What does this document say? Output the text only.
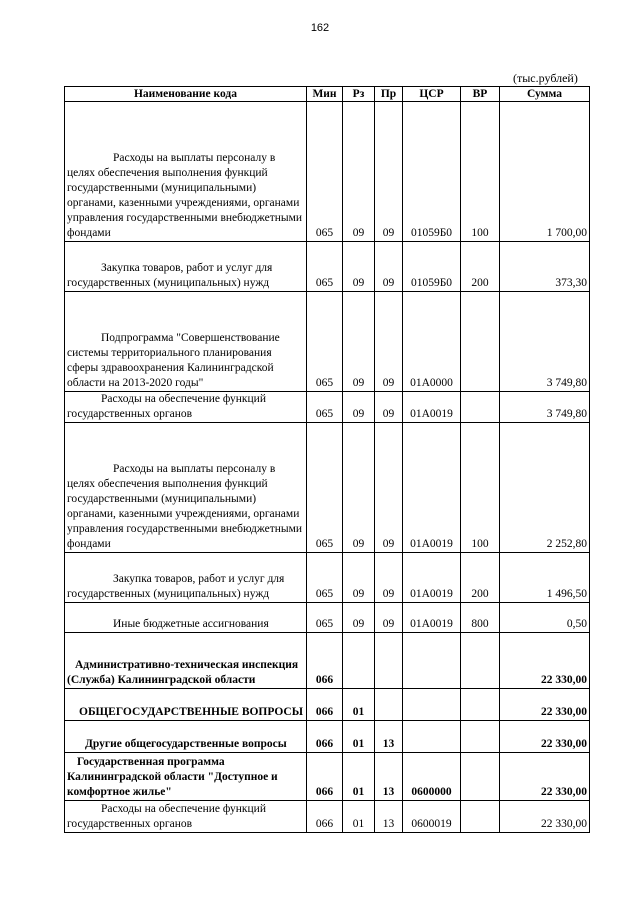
162
(тыс.рублей)
Наименование кода	Мин	Рз	Пр	ЦСР	ВР	Сумма
Расходы на выплаты персоналу в целях обеспечения выполнения функций государственными (муниципальными) органами, казенными учреждениями, органами управления государственными внебюджетными фондами	065	09	09	01059Б0	100	1 700,00
Закупка товаров, работ и услуг для государственных (муниципальных) нужд	065	09	09	01059Б0	200	373,30
Подпрограмма "Совершенствование системы территориального планирования сферы здравоохранения Калининградской области на 2013-2020 годы"	065	09	09	01А0000		3 749,80
Расходы на обеспечение функций государственных органов	065	09	09	01А0019		3 749,80
Расходы на выплаты персоналу в целях обеспечения выполнения функций государственными (муниципальными) органами, казенными учреждениями, органами управления государственными внебюджетными фондами	065	09	09	01А0019	100	2 252,80
Закупка товаров, работ и услуг для государственных (муниципальных) нужд	065	09	09	01А0019	200	1 496,50
Иные бюджетные ассигнования	065	09	09	01А0019	800	0,50
Административно-техническая инспекция (Служба) Калининградской области	066					22 330,00
ОБЩЕГОСУДАРСТВЕННЫЕ ВОПРОСЫ	066	01				22 330,00
Другие общегосударственные вопросы	066	01	13			22 330,00
Государственная программа Калининградской области "Доступное и комфортное жилье"	066	01	13	0600000		22 330,00
Расходы на обеспечение функций государственных органов	066	01	13	0600019		22 330,00
